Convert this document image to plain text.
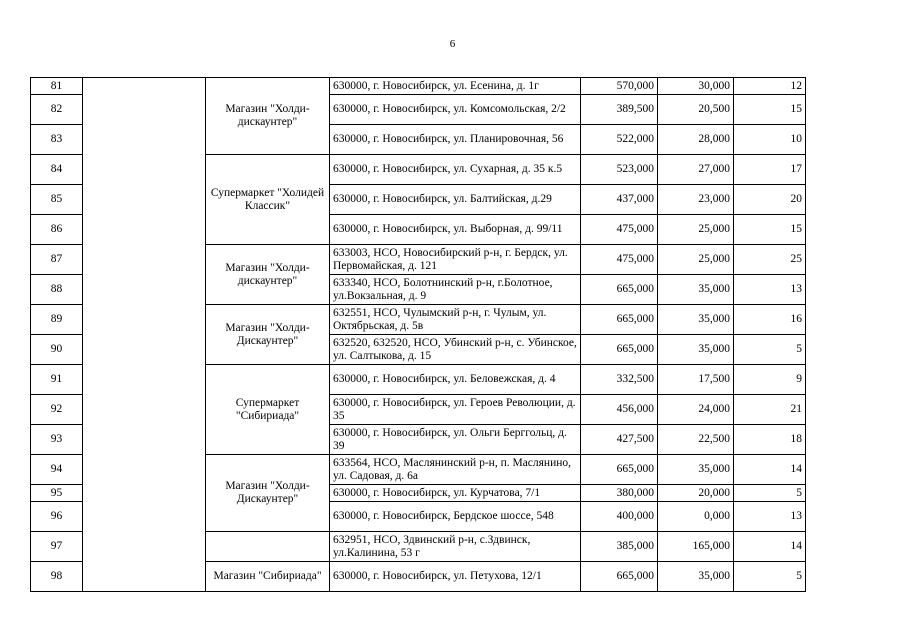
6
81		Магазин "Холди-дискаунтер"	630000, г. Новосибирск, ул. Есенина, д. 1г	570,000	30,000	12
82			630000, г. Новосибирск, ул. Комсомольская, 2/2	389,500	20,500	15
83			630000, г. Новосибирск, ул. Планировочная, 56	522,000	28,000	10
84		Супермаркет "Холидей Классик"	630000, г. Новосибирск, ул. Сухарная, д. 35 к.5	523,000	27,000	17
85			630000, г. Новосибирск, ул. Балтийская, д.29	437,000	23,000	20
86			630000, г. Новосибирск, ул. Выборная, д. 99/11	475,000	25,000	15
87		Магазин "Холди-дискаунтер"	633003, НСО, Новосибирский р-н, г. Бердск, ул. Первомайская, д. 121	475,000	25,000	25
88			633340, НСО, Болотнинский р-н, г.Болотное, ул.Вокзальная, д. 9	665,000	35,000	13
89		Магазин "Холди-Дискаунтер"	632551, НСО, Чулымский р-н, г. Чулым, ул. Октябрьская, д. 5в	665,000	35,000	16
90			632520, 632520, НСО, Убинский р-н, с. Убинское, ул. Салтыкова, д. 15	665,000	35,000	5
91		Супермаркет "Сибириада"	630000, г. Новосибирск, ул. Беловежская, д. 4	332,500	17,500	9
92			630000, г. Новосибирск, ул. Героев Революции, д. 35	456,000	24,000	21
93			630000, г. Новосибирск, ул. Ольги Берггольц, д. 39	427,500	22,500	18
94		Магазин "Холди-Дискаунтер"	633564, НСО, Маслянинский р-н, п. Маслянино, ул. Садовая, д. 6а	665,000	35,000	14
95			630000, г. Новосибирск, ул. Курчатова, 7/1	380,000	20,000	5
96			630000, г. Новосибирск, Бердское шоссе, 548	400,000	0,000	13
97			632951, НСО, Здвинский р-н, с.Здвинск, ул.Калинина, 53 г	385,000	165,000	14
98		Магазин "Сибириада"	630000, г. Новосибирск, ул. Петухова, 12/1	665,000	35,000	5
